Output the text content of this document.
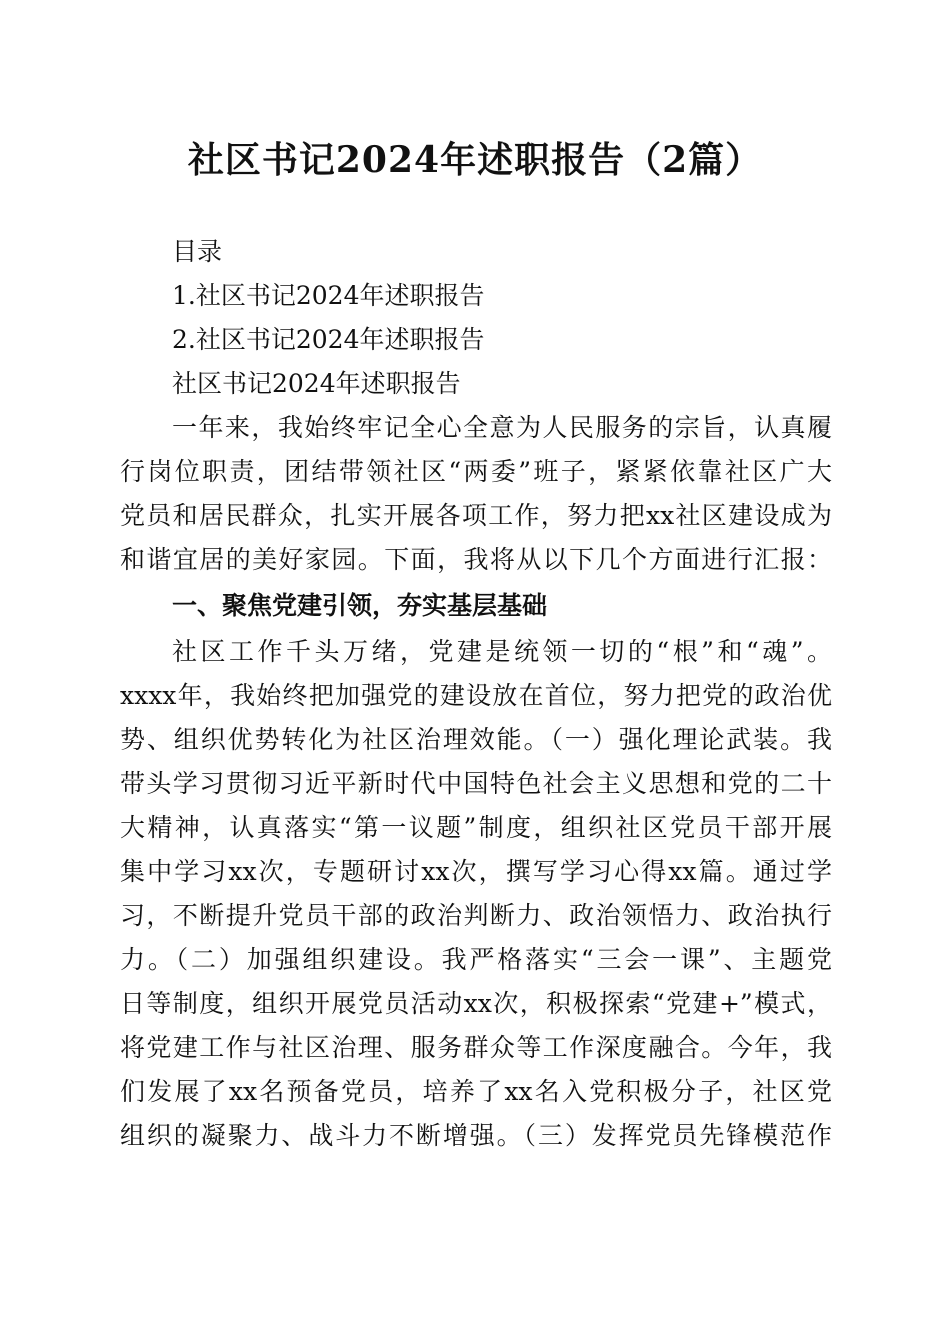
社区书记2024年述职报告（2篇）
目录
1.社区书记2024年述职报告
2.社区书记2024年述职报告
社区书记2024年述职报告
一年来，我始终牢记全心全意为人民服务的宗旨，认真履
行岗位职责，团结带领社区“两委”班子，紧紧依靠社区广大
党员和居民群众，扎实开展各项工作，努力把xx社区建设成为
和谐宜居的美好家园。下面，我将从以下几个方面进行汇报：
一、聚焦党建引领，夯实基层基础
社区工作千头万绪，党建是统领一切的“根”和“魂”。
xxxx年，我始终把加强党的建设放在首位，努力把党的政治优
势、组织优势转化为社区治理效能。（一）强化理论武装。我
带头学习贯彻习近平新时代中国特色社会主义思想和党的二十
大精神，认真落实“第一议题”制度，组织社区党员干部开展
集中学习xx次，专题研讨xx次，撰写学习心得xx篇。通过学
习，不断提升党员干部的政治判断力、政治领悟力、政治执行
力。（二）加强组织建设。我严格落实“三会一课”、主题党
日等制度，组织开展党员活动xx次，积极探索“党建+”模式，
将党建工作与社区治理、服务群众等工作深度融合。今年，我
们发展了xx名预备党员，培养了xx名入党积极分子，社区党
组织的凝聚力、战斗力不断增强。（三）发挥党员先锋模范作
